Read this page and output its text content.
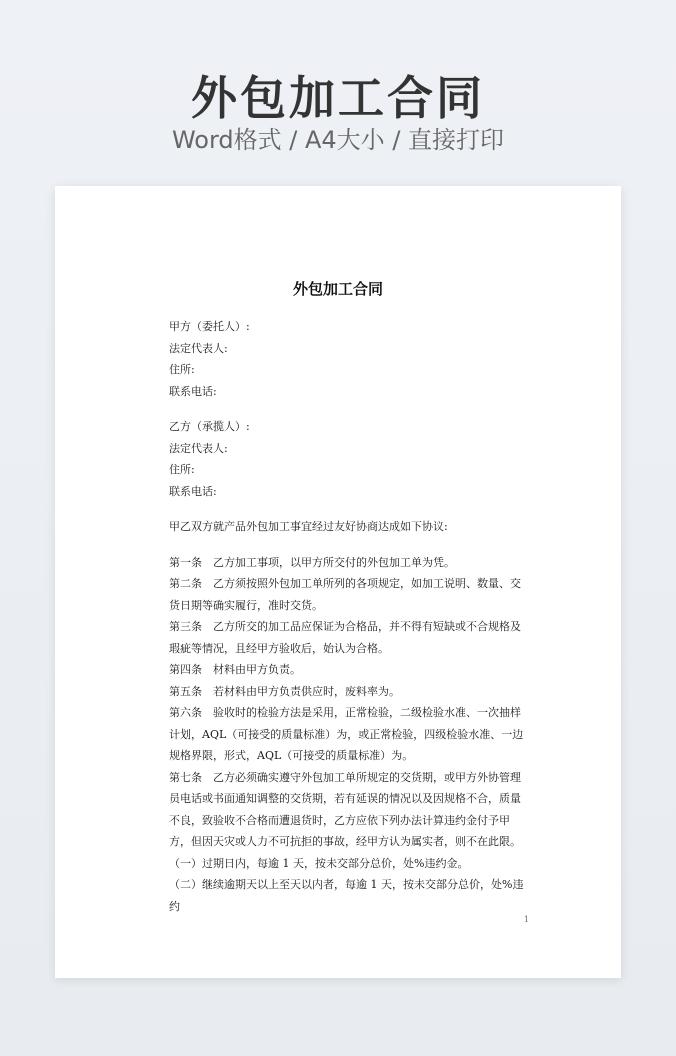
外包加工合同
Word格式 / A4大小 / 直接打印
外包加工合同
甲方（委托人）:
法定代表人:
住所:
联系电话:
乙方（承揽人）:
法定代表人:
住所:
联系电话:
甲乙双方就产品外包加工事宜经过友好协商达成如下协议:
第一条　乙方加工事项，以甲方所交付的外包加工单为凭。
第二条　乙方须按照外包加工单所列的各项规定，如加工说明、数量、交货日期等确实履行，准时交货。
第三条　乙方所交的加工品应保证为合格品，并不得有短缺或不合规格及瑕疵等情况，且经甲方验收后，始认为合格。
第四条　材料由甲方负责。
第五条　若材料由甲方负责供应时，废料率为。
第六条　验收时的检验方法是采用，正常检验，二级检验水准、一次抽样计划，AQL（可接受的质量标准）为，或正常检验，四级检验水准、一边规格界限，形式，AQL（可接受的质量标准）为。
第七条　乙方必须确实遵守外包加工单所规定的交货期，或甲方外协管理员电话或书面通知调整的交货期，若有延误的情况以及因规格不合，质量不良，致验收不合格而遭退货时，乙方应依下列办法计算违约金付予甲方，但因天灾或人力不可抗拒的事故，经甲方认为属实者，则不在此限。
（一）过期日内，每逾 1 天，按未交部分总价，处%违约金。
（二）继续逾期天以上至天以内者，每逾 1 天，按未交部分总价，处%违约
1
